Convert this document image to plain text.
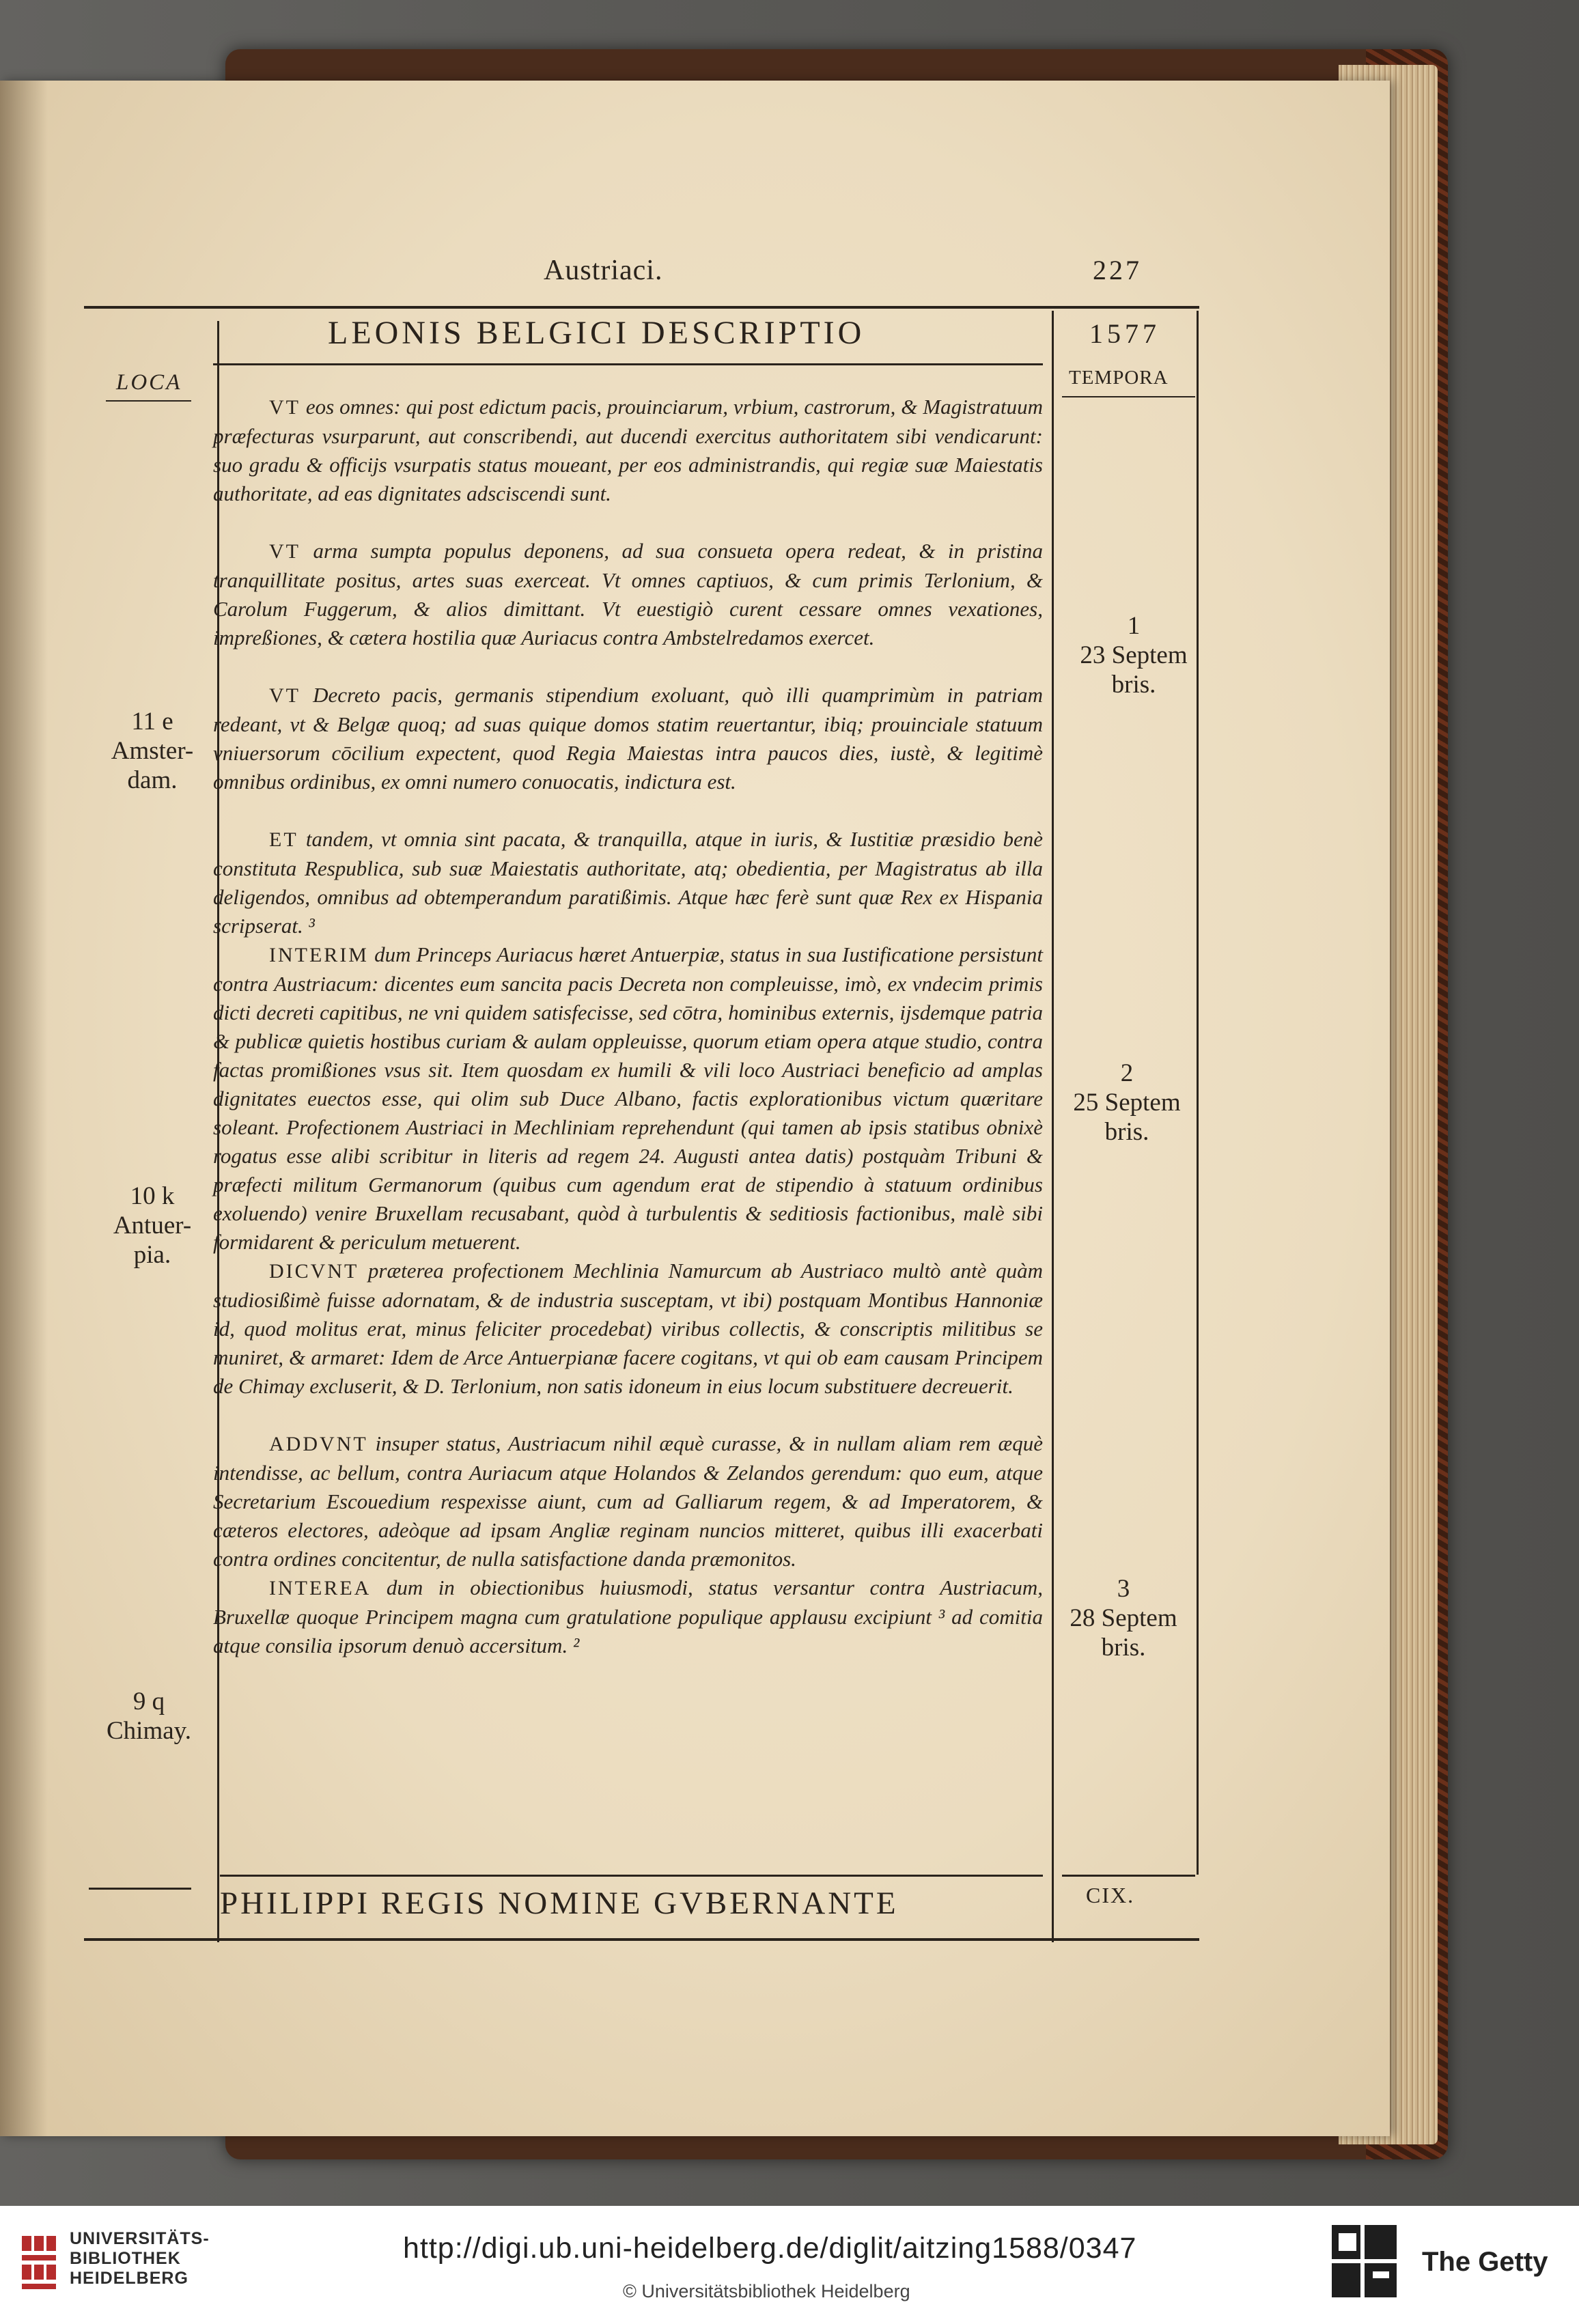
Austriaci.	227
LEONIS BELGICI DESCRIPTIO	1577
LOCA	TEMPORA
11 e
Amster-
dam.
10 k
Antuer-
pia.
9 q
Chimay.
1
23 Septem
bris.
2
25 Septem
bris.
3
28 Septem
bris.

VT eos omnes: qui post edictum pacis, prouinciarum, vrbium, castrorum, & Magistratuum præfecturas vsurparunt, aut conscribendi, aut ducendi exercitus authoritatem sibi vendicarunt: suo gradu & officijs vsurpatis status moueant, per eos administrandis, qui regiæ suæ Maiestatis authoritate, ad eas dignitates adsciscendi sunt.

VT arma sumpta populus deponens, ad sua consueta opera redeat, & in pristina tranquillitate positus, artes suas exerceat. Vt omnes captiuos, & cum primis Terlonium, & Carolum Fuggerum, & alios dimittant. Vt euestigiò curent cessare omnes vexationes, impreßiones, & cætera hostilia quæ Auriacus contra Ambstelredamos exercet.

VT Decreto pacis, germanis stipendium exoluant, quò illi quamprimùm in patriam redeant, vt & Belgæ quoq; ad suas quique domos statim reuertantur, ibiq; prouinciale statuum vniuersorum cōcilium expectent, quod Regia Maiestas intra paucos dies, iustè, & legitimè omnibus ordinibus, ex omni numero conuocatis, indictura est.

ET tandem, vt omnia sint pacata, & tranquilla, atque in iuris, & Iustitiæ præsidio benè constituta Respublica, sub suæ Maiestatis authoritate, atq; obedientia, per Magistratus ab illa deligendos, omnibus ad obtemperandum paratißimis. Atque hæc ferè sunt quæ Rex ex Hispania scripserat. ³

INTERIM dum Princeps Auriacus hæret Antuerpiæ, status in sua Iustificatione persistunt contra Austriacum: dicentes eum sancita pacis Decreta non compleuisse, imò, ex vndecim primis dicti decreti capitibus, ne vni quidem satisfecisse, sed cōtra, hominibus externis, ijsdemque patria & publicæ quietis hostibus curiam & aulam oppleuisse, quorum etiam opera atque studio, contra factas promißiones vsus sit. Item quosdam ex humili & vili loco Austriaci beneficio ad amplas dignitates euectos esse, qui olim sub Duce Albano, factis explorationibus victum quæritare soleant. Profectionem Austriaci in Mechliniam reprehendunt (qui tamen ab ipsis statibus obnixè rogatus esse alibi scribitur in literis ad regem 24. Augusti antea datis) postquàm Tribuni & præfecti militum Germanorum (quibus cum agendum erat de stipendio à statuum ordinibus exoluendo) venire Bruxellam recusabant, quòd à turbulentis & seditiosis factionibus, malè sibi formidarent & periculum metuerent.

DICVNT præterea profectionem Mechlinia Namurcum ab Austriaco multò antè quàm studiosißimè fuisse adornatam, & de industria susceptam, vt ibi) postquam Montibus Hannoniæ id, quod molitus erat, minus feliciter procedebat) viribus collectis, & conscriptis militibus se muniret, & armaret: Idem de Arce Antuerpianæ facere cogitans, vt qui ob eam causam Principem de Chimay excluserit, & D. Terlonium, non satis idoneum in eius locum substituere decreuerit.

ADDVNT insuper status, Austriacum nihil æquè curasse, & in nullam aliam rem æquè intendisse, ac bellum, contra Auriacum atque Holandos & Zelandos gerendum: quo eum, atque Secretarium Escouedium respexisse aiunt, cum ad Galliarum regem, & ad Imperatorem, & cæteros electores, adeòque ad ipsam Angliæ reginam nuncios mitteret, quibus illi exacerbati contra ordines concitentur, de nulla satisfactione danda præmonitos.

INTEREA dum in obiectionibus huiusmodi, status versantur contra Austriacum, Bruxellæ quoque Principem magna cum gratulatione populique applausu excipiunt ³ ad comitia atque consilia ipsorum denuò accersitum. ²

PHILIPPI REGIS NOMINE GVBERNANTE	CIX.
UNIVERSITÄTS-
BIBLIOTHEK
HEIDELBERG
http://digi.ub.uni-heidelberg.de/diglit/aitzing1588/0347
© Universitätsbibliothek Heidelberg
The Getty
